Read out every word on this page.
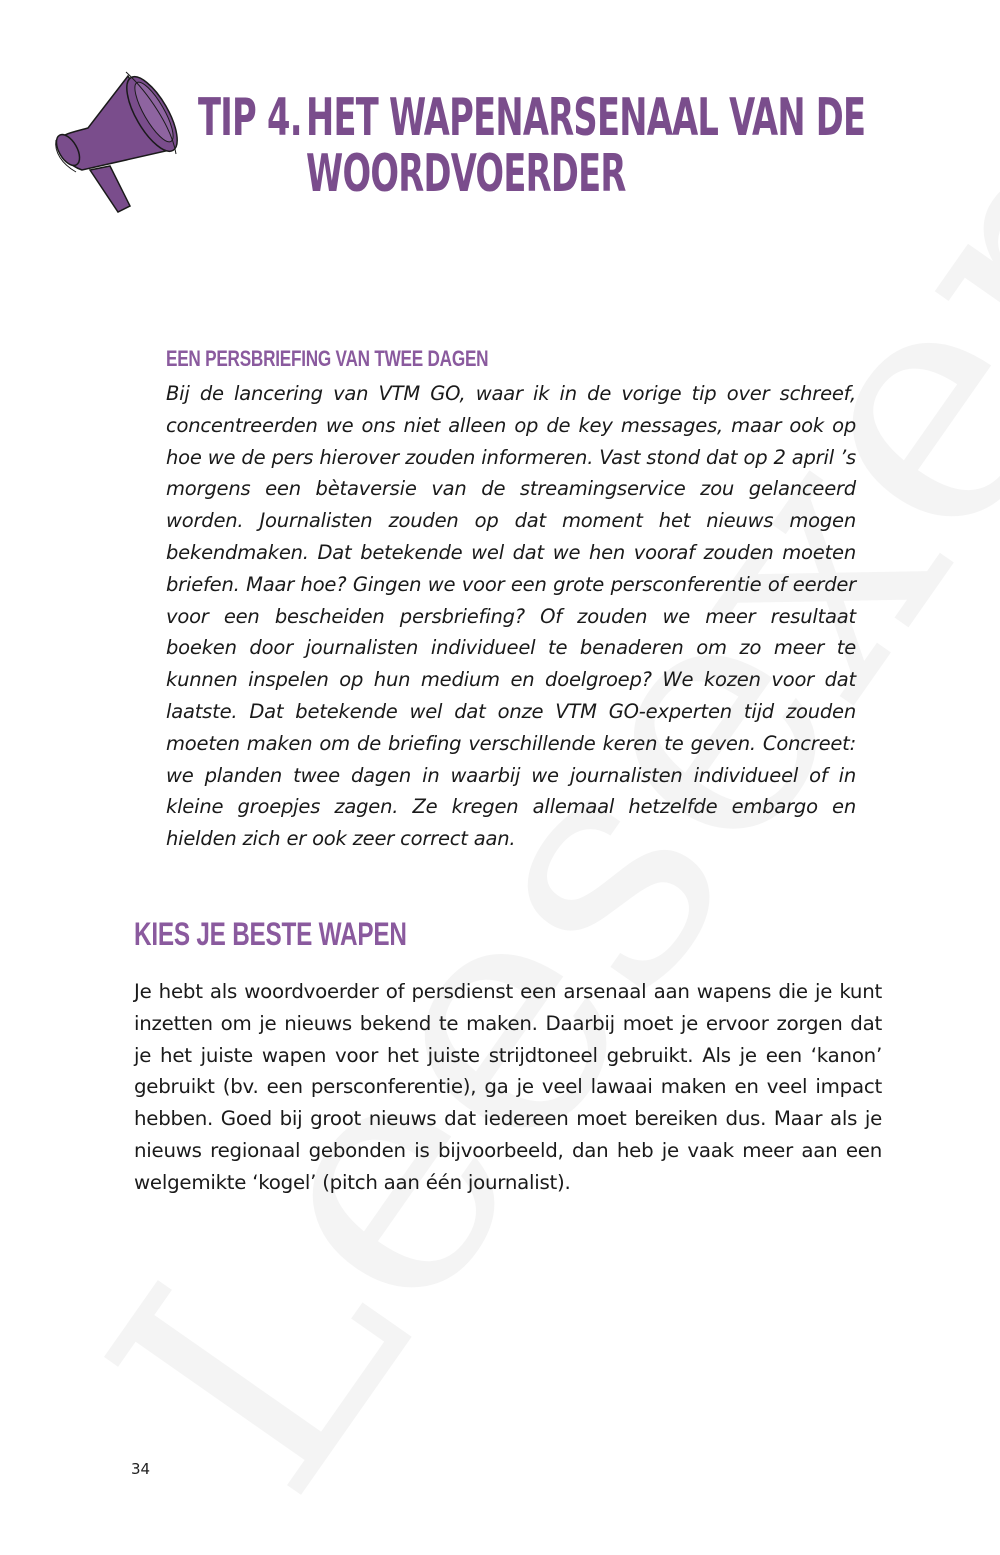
TIP 4.HET WAPENARSENAAL VAN DE
WOORDVOERDER
EEN PERSBRIEFING VAN TWEE DAGEN

Bij de lancering van VTM GO, waar ik in de vorige tip over schreef, concentreerden we ons niet alleen op de key messages, maar ook op hoe we de pers hierover zouden informeren. Vast stond dat op 2 april ’s morgens een bètaversie van de streamingservice zou gelanceerd worden. Journalisten zouden op dat moment het nieuws mogen bekendmaken. Dat betekende wel dat we hen vooraf zouden moeten briefen. Maar hoe? Gingen we voor een grote persconferentie of eerder voor een bescheiden persbriefing? Of zouden we meer resultaat boeken door journalisten individueel te benaderen om zo meer te kunnen inspelen op hun medium en doelgroep? We kozen voor dat laatste. Dat betekende wel dat onze VTM GO-experten tijd zouden moeten maken om de briefing verschillende keren te geven. Concreet: we planden twee dagen in waarbij we journalisten individueel of in kleine groepjes zagen. Ze kregen allemaal hetzelfde embargo en hielden zich er ook zeer correct aan.

KIES JE BESTE WAPEN

Je hebt als woordvoerder of persdienst een arsenaal aan wapens die je kunt inzetten om je nieuws bekend te maken. Daarbij moet je ervoor zorgen dat je het juiste wapen voor het juiste strijdtoneel gebruikt. Als je een ‘kanon’ gebruikt (bv. een persconferentie), ga je veel lawaai maken en veel impact hebben. Goed bij groot nieuws dat iedereen moet bereiken dus. Maar als je nieuws regionaal gebonden is bijvoorbeeld, dan heb je vaak meer aan een welgemikte ‘kogel’ (pitch aan één journalist).

34
